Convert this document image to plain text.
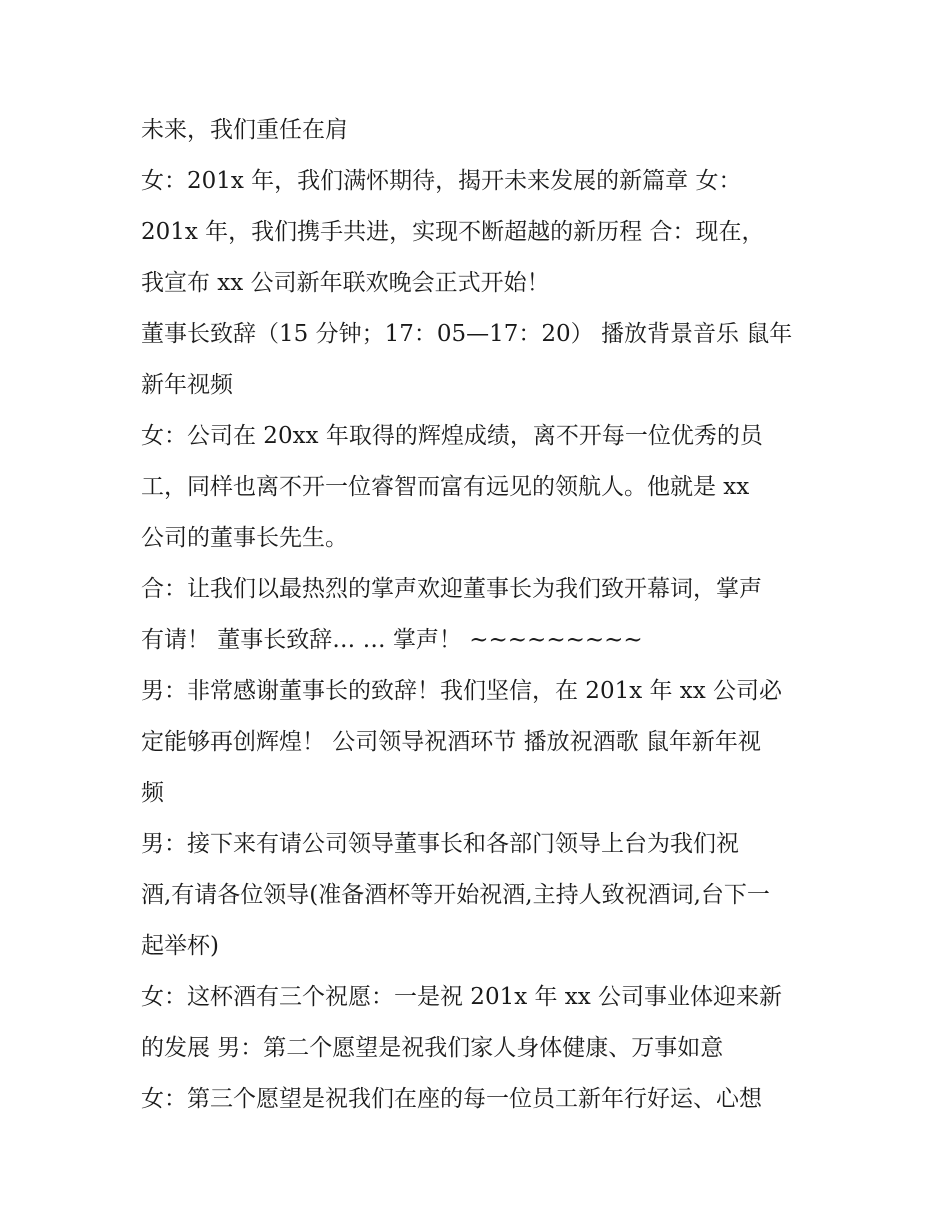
未来，我们重任在肩
女：201x 年，我们满怀期待，揭开未来发展的新篇章 女：
201x 年，我们携手共进，实现不断超越的新历程 合：现在，
我宣布 xx 公司新年联欢晚会正式开始！
董事长致辞（15 分钟；17：05—17：20） 播放背景音乐 鼠年
新年视频
女：公司在 20xx 年取得的辉煌成绩，离不开每一位优秀的员
工，同样也离不开一位睿智而富有远见的领航人。他就是 xx
公司的董事长先生。
合：让我们以最热烈的掌声欢迎董事长为我们致开幕词，掌声
有请！ 董事长致辞… … 掌声！ ~~~~~~~~~
男：非常感谢董事长的致辞！我们坚信，在 201x 年 xx 公司必
定能够再创辉煌！ 公司领导祝酒环节 播放祝酒歌 鼠年新年视
频
男：接下来有请公司领导董事长和各部门领导上台为我们祝
酒,有请各位领导(准备酒杯等开始祝酒,主持人致祝酒词,台下一
起举杯)
女：这杯酒有三个祝愿：一是祝 201x 年 xx 公司事业体迎来新
的发展 男：第二个愿望是祝我们家人身体健康、万事如意
女：第三个愿望是祝我们在座的每一位员工新年行好运、心想
